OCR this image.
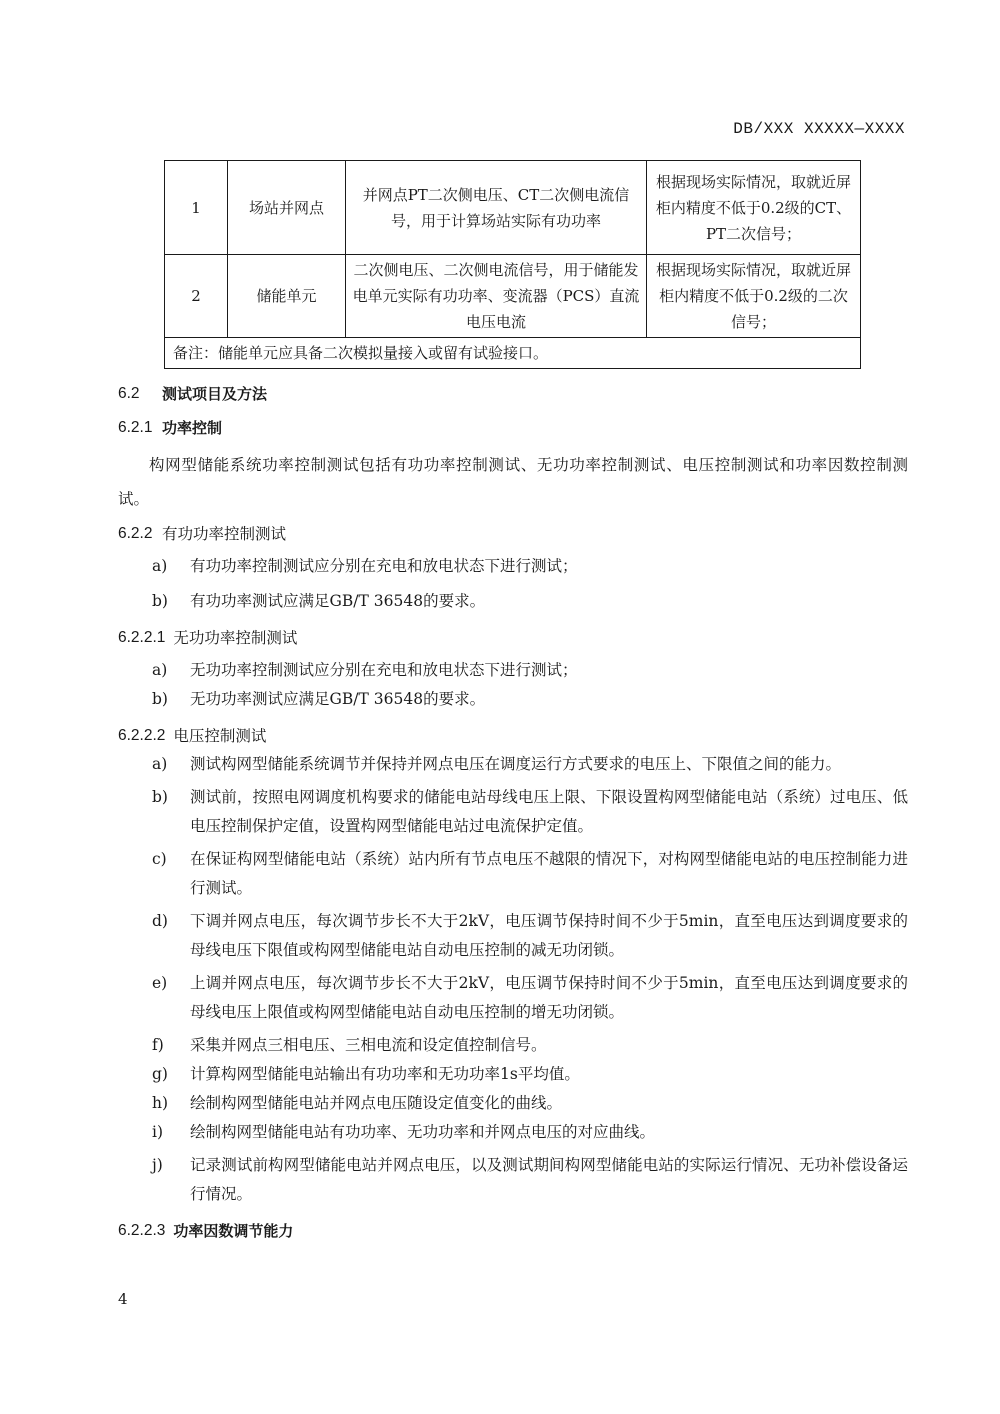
DB/XXX XXXXX—XXXX
1	场站并网点	并网点PT二次侧电压、CT二次侧电流信号，用于计算场站实际有功功率	根据现场实际情况，取就近屏柜内精度不低于0.2级的CT、PT二次信号；
2	储能单元	二次侧电压、二次侧电流信号，用于储能发电单元实际有功功率、变流器（PCS）直流电压电流	根据现场实际情况，取就近屏柜内精度不低于0.2级的二次信号；
备注：储能单元应具备二次模拟量接入或留有试验接口。			
6.2	测试项目及方法
6.2.1 功率控制

构网型储能系统功率控制测试包括有功功率控制测试、无功功率控制测试、电压控制测试和功率因数控制测试。

6.2.2 有功功率控制测试
a)	有功功率控制测试应分别在充电和放电状态下进行测试；
b)	有功功率测试应满足GB/T 36548的要求。
6.2.2.1 无功功率控制测试
a)	无功功率控制测试应分别在充电和放电状态下进行测试；
b)	无功功率测试应满足GB/T 36548的要求。
6.2.2.2 电压控制测试
a)	测试构网型储能系统调节并保持并网点电压在调度运行方式要求的电压上、下限值之间的能力。
b)	测试前，按照电网调度机构要求的储能电站母线电压上限、下限设置构网型储能电站（系统）过电压、低电压控制保护定值，设置构网型储能电站过电流保护定值。
c)	在保证构网型储能电站（系统）站内所有节点电压不越限的情况下，对构网型储能电站的电压控制能力进行测试。
d)	下调并网点电压，每次调节步长不大于2kV，电压调节保持时间不少于5min，直至电压达到调度要求的母线电压下限值或构网型储能电站自动电压控制的减无功闭锁。
e)	上调并网点电压，每次调节步长不大于2kV，电压调节保持时间不少于5min，直至电压达到调度要求的母线电压上限值或构网型储能电站自动电压控制的增无功闭锁。
f)	采集并网点三相电压、三相电流和设定值控制信号。
g)	计算构网型储能电站输出有功功率和无功功率1s平均值。
h)	绘制构网型储能电站并网点电压随设定值变化的曲线。
i)	绘制构网型储能电站有功功率、无功功率和并网点电压的对应曲线。
j)	记录测试前构网型储能电站并网点电压，以及测试期间构网型储能电站的实际运行情况、无功补偿设备运行情况。
6.2.2.3 功率因数调节能力
4
